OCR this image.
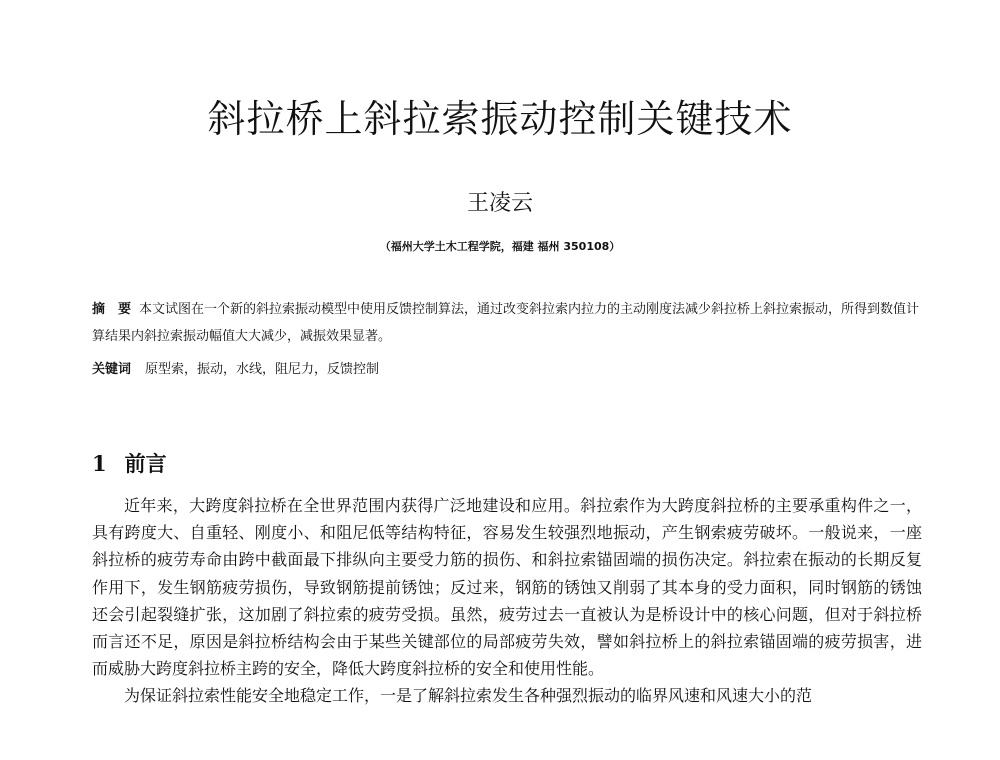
斜拉桥上斜拉索振动控制关键技术
王凌云
（福州大学土木工程学院，福建 福州 350108）

摘　要 本文试图在一个新的斜拉索振动模型中使用反馈控制算法，通过改变斜拉索内拉力的主动刚度法减少斜拉桥上斜拉索振动，所得到数值计算结果内斜拉索振动幅值大大减少，减振效果显著。

关键词 原型索，振动，水线，阻尼力，反馈控制

1 前言

近年来，大跨度斜拉桥在全世界范围内获得广泛地建设和应用。斜拉索作为大跨度斜拉桥的主要承重构件之一，具有跨度大、自重轻、刚度小、和阻尼低等结构特征，容易发生较强烈地振动，产生钢索疲劳破坏。一般说来，一座斜拉桥的疲劳寿命由跨中截面最下排纵向主要受力筋的损伤、和斜拉索锚固端的损伤决定。斜拉索在振动的长期反复作用下，发生钢筋疲劳损伤，导致钢筋提前锈蚀；反过来，钢筋的锈蚀又削弱了其本身的受力面积，同时钢筋的锈蚀还会引起裂缝扩张，这加剧了斜拉索的疲劳受损。虽然，疲劳过去一直被认为是桥设计中的核心问题，但对于斜拉桥而言还不足，原因是斜拉桥结构会由于某些关键部位的局部疲劳失效，譬如斜拉桥上的斜拉索锚固端的疲劳损害，进而威胁大跨度斜拉桥主跨的安全，降低大跨度斜拉桥的安全和使用性能。

为保证斜拉索性能安全地稳定工作，一是了解斜拉索发生各种强烈振动的临界风速和风速大小的范
